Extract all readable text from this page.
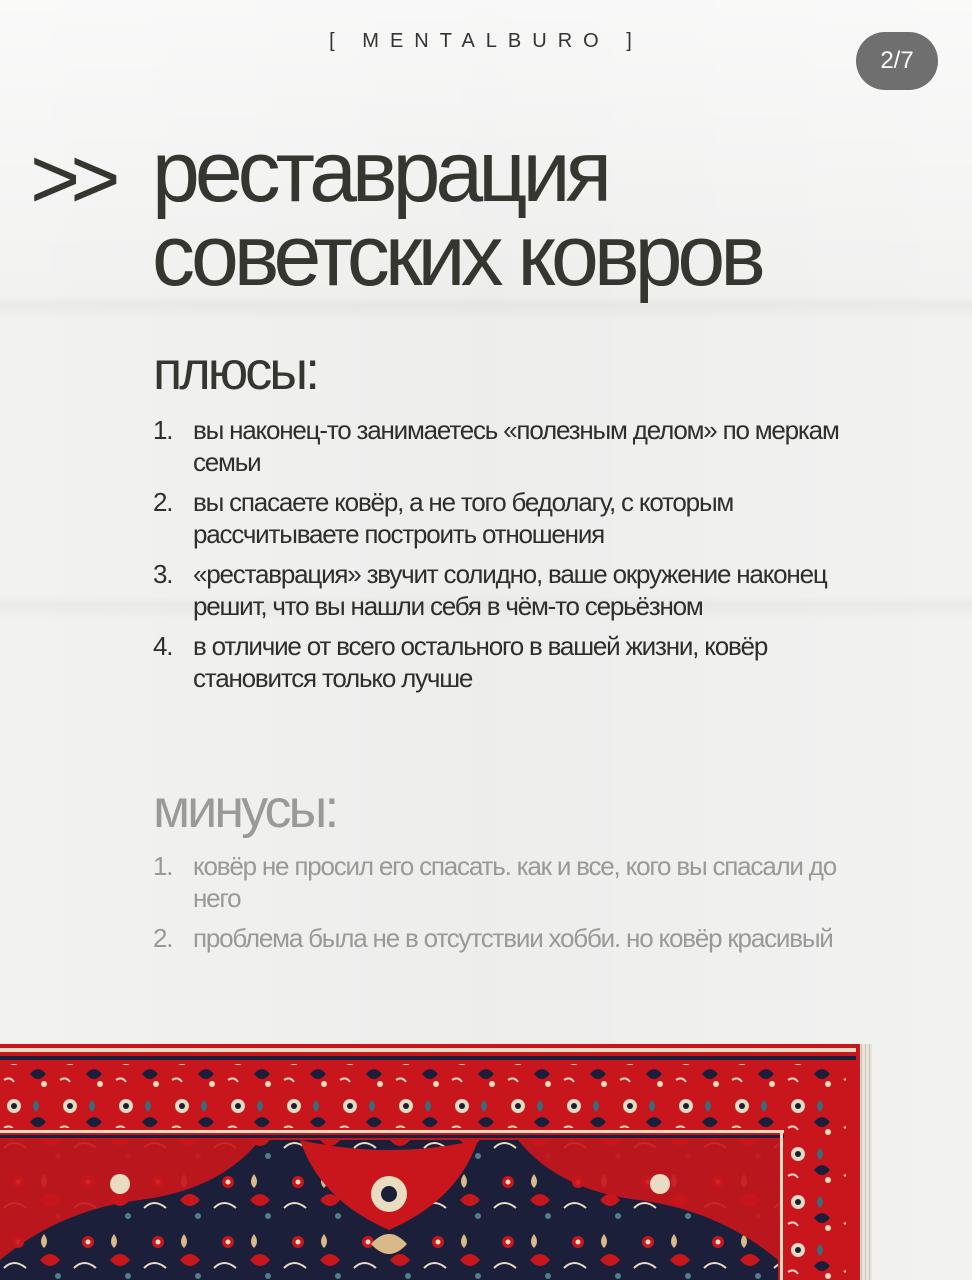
[ MENTALBURO ]
2/7
>> реставрация
советских ковров
плюсы:
1. вы наконец-то занимаетесь «полезным делом» по меркам семьи
2. вы спасаете ковёр, а не того бедолагу, с которым рассчитываете построить отношения
3. «реставрация» звучит солидно, ваше окружение наконец решит, что вы нашли себя в чём-то серьёзном
4. в отличие от всего остального в вашей жизни, ковёр становится только лучше
минусы:
1. ковёр не просил его спасать. как и все, кого вы спасали до него
2. проблема была не в отсутствии хобби. но ковёр красивый
